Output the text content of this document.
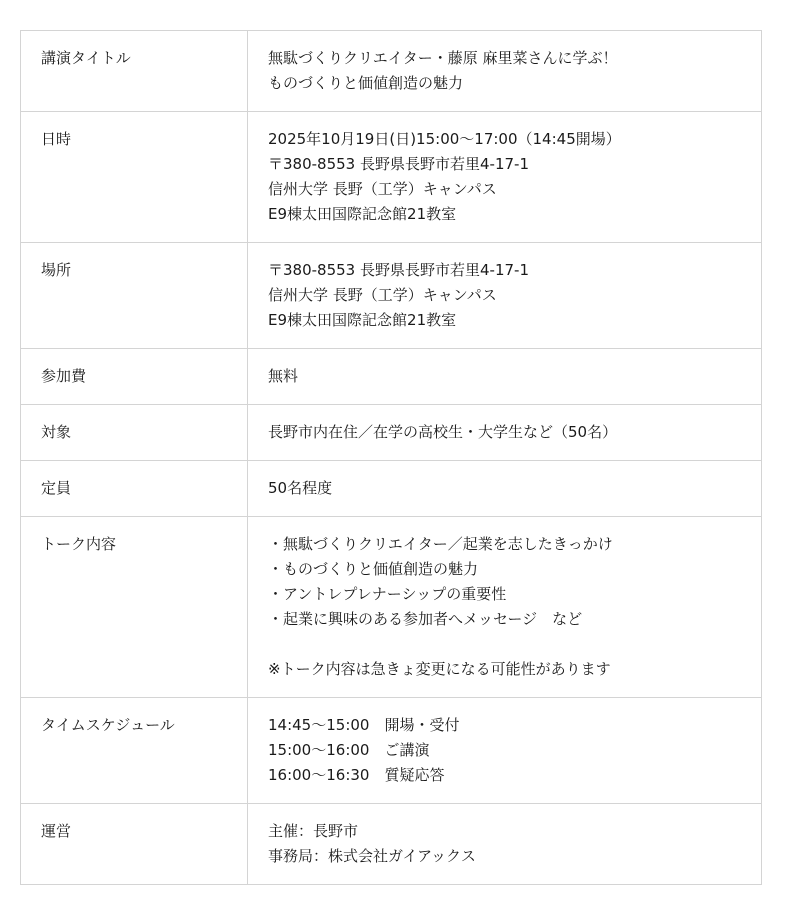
講演タイトル	無駄づくりクリエイター・藤原 麻里菜さんに学ぶ！
ものづくりと価値創造の魅力

日時	2025年10月19日(日)15:00〜17:00（14:45開場）
〒380-8553 長野県長野市若里4-17-1
信州大学 長野（工学）キャンパス
E9棟太田国際記念館21教室

場所	〒380-8553 長野県長野市若里4-17-1
信州大学 長野（工学）キャンパス
E9棟太田国際記念館21教室

参加費	無料

対象	長野市内在住／在学の高校生・大学生など（50名）

定員	50名程度

トーク内容	・無駄づくりクリエイター／起業を志したきっかけ
・ものづくりと価値創造の魅力
・アントレプレナーシップの重要性
・起業に興味のある参加者へメッセージ　など
※トーク内容は急きょ変更になる可能性があります

タイムスケジュール	14:45〜15:00　開場・受付
15:00〜16:00　ご講演
16:00〜16:30　質疑応答

運営	主催：長野市
事務局：株式会社ガイアックス
